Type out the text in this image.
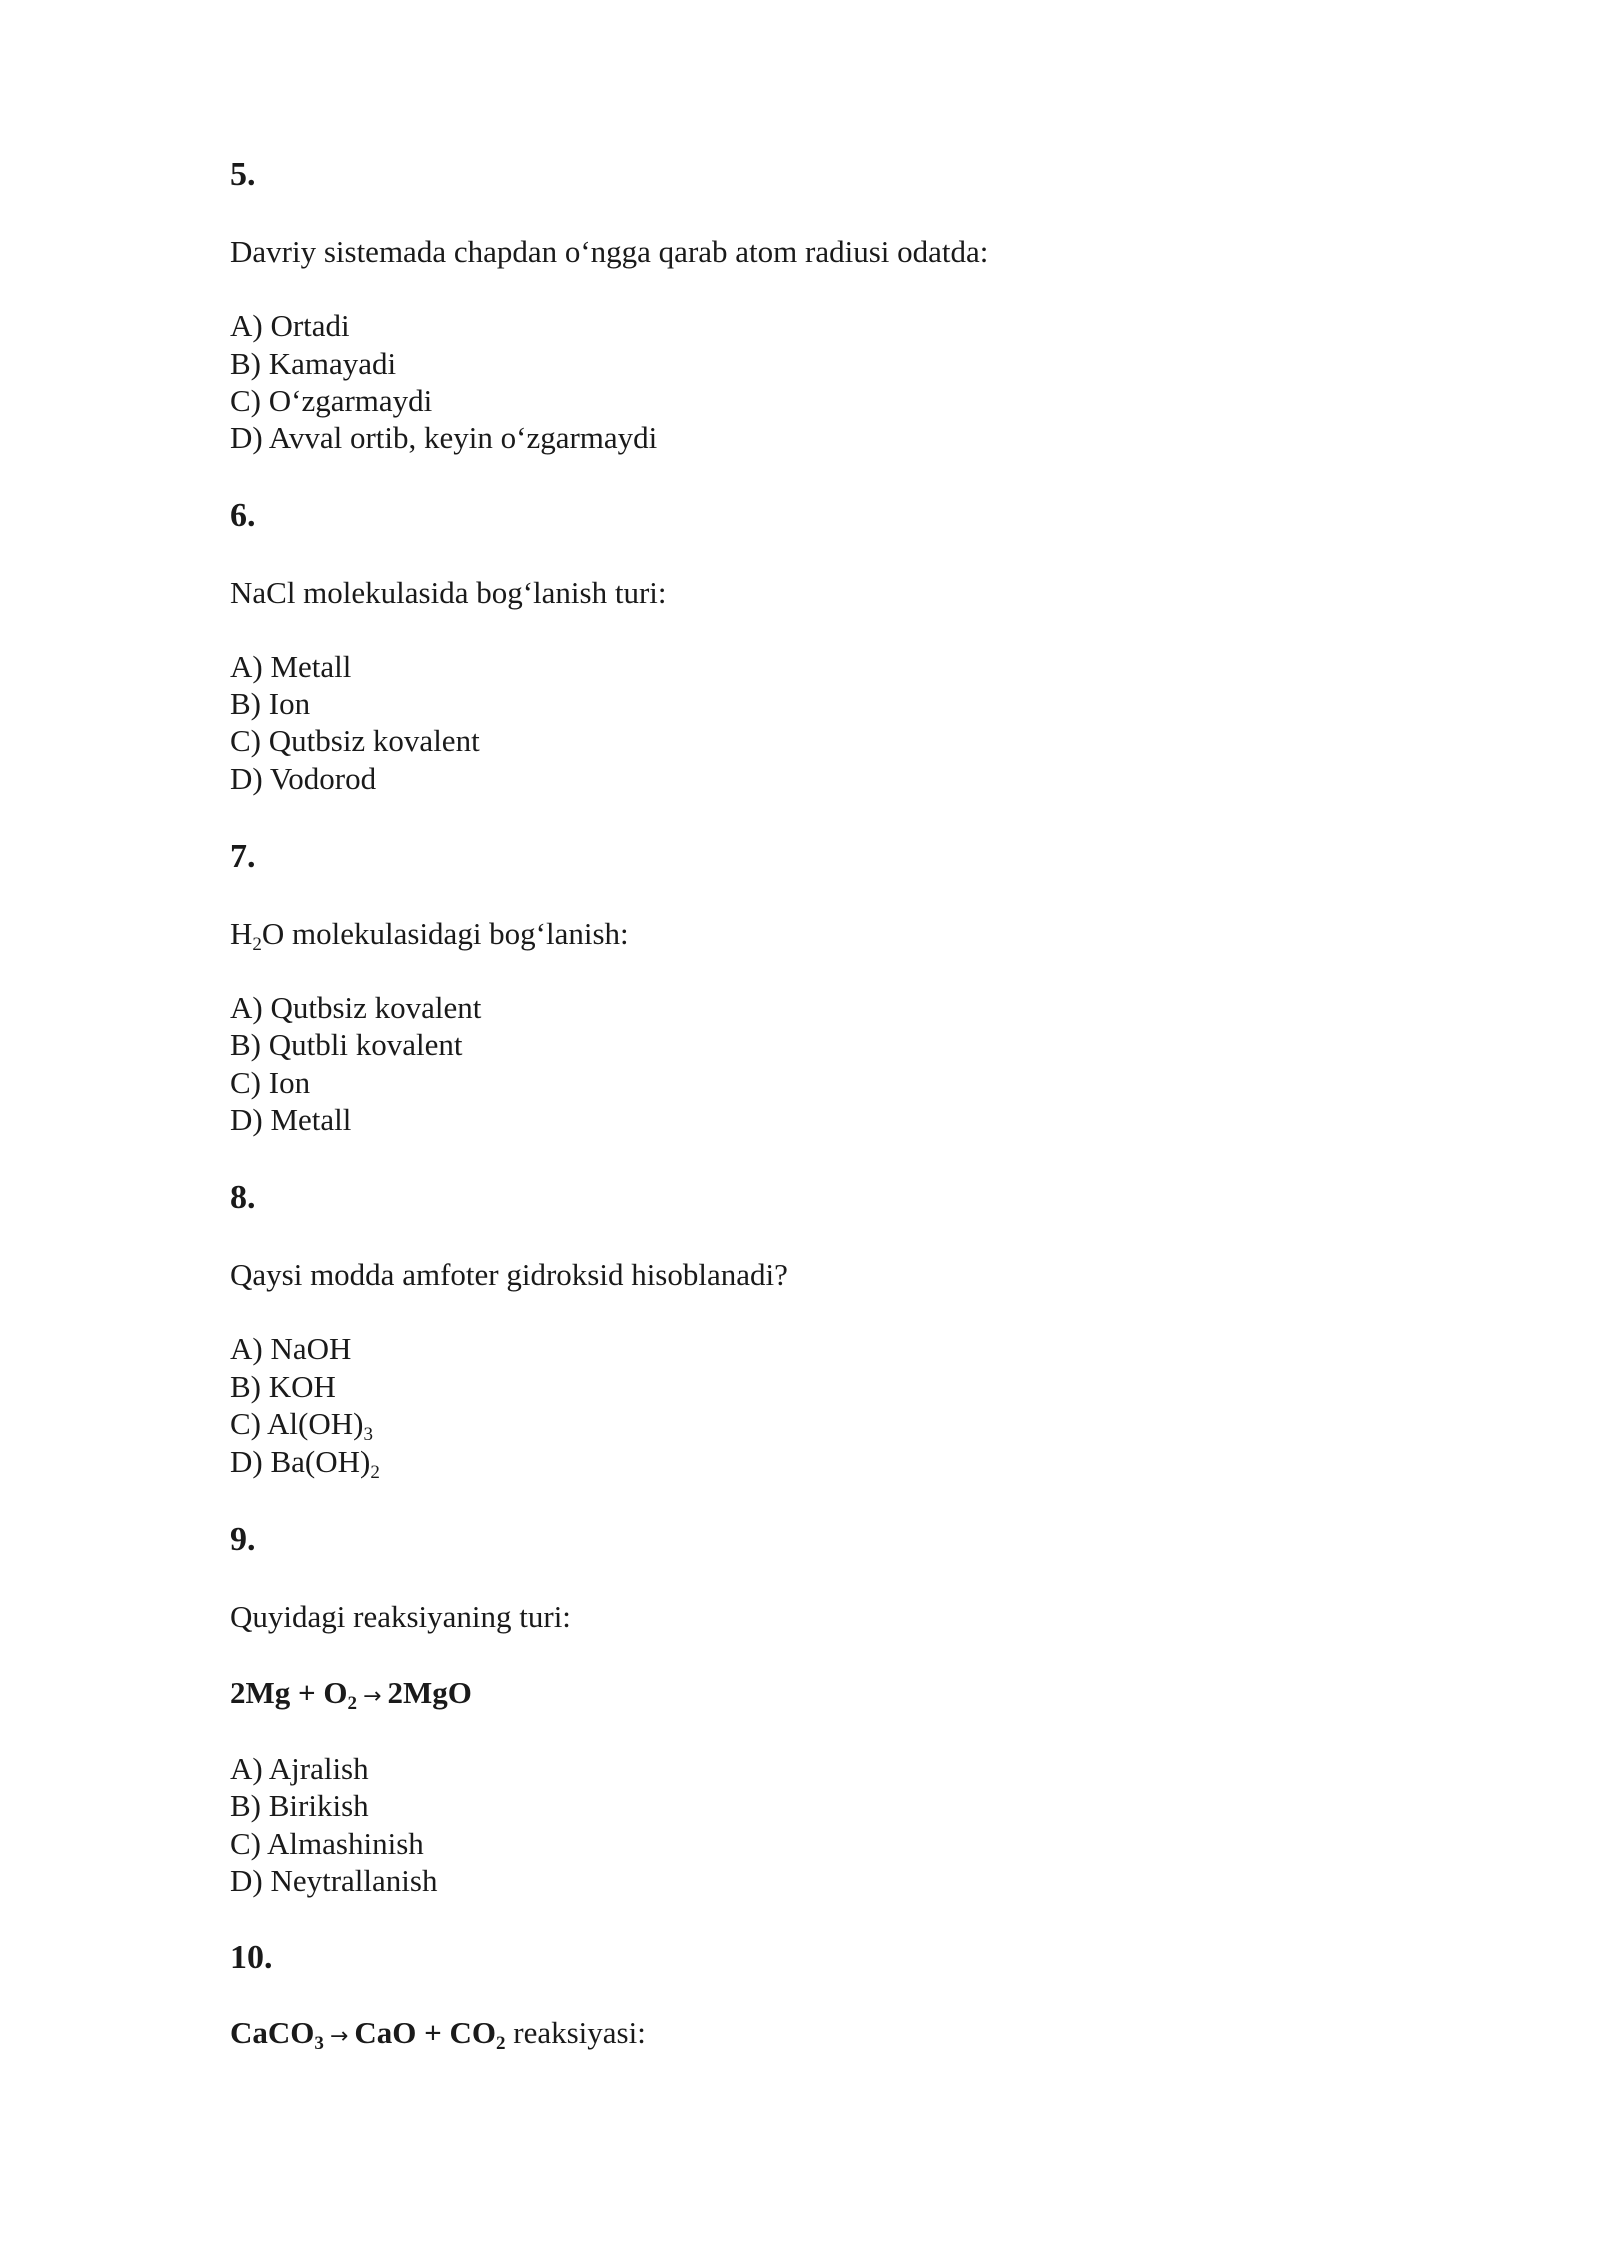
5.

Davriy sistemada chapdan o‘ngga qarab atom radiusi odatda:

A) Ortadi

B) Kamayadi

C) O‘zgarmaydi

D) Avval ortib, keyin o‘zgarmaydi

6.

NaCl molekulasida bog‘lanish turi:

A) Metall

B) Ion

C) Qutbsiz kovalent

D) Vodorod

7.

$H_2O$ molekulasidagi bog‘lanish:

A) Qutbsiz kovalent

B) Qutbli kovalent

C) Ion

D) Metall

8.

Qaysi modda amfoter gidroksid hisoblanadi?

A) NaOH

B) KOH

C) $Al(OH)_3$

D) $Ba(OH)_2$

9.

Quyidagi reaksiyaning turi:

$2Mg + O_2 \to 2MgO$

A) Ajralish

B) Birikish

C) Almashinish

D) Neytrallanish

10.

CaCO$_3$ → CaO + $CO_2$ reaksiyasi:
